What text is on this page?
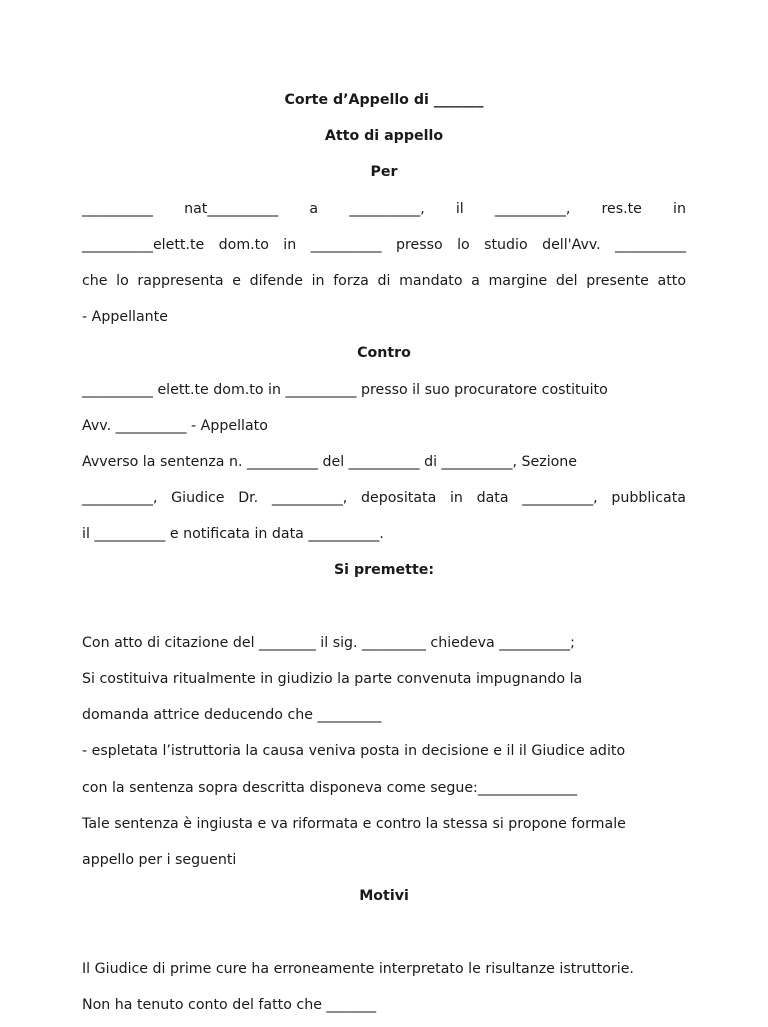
Corte d’Appello di _______
Atto di appello
Per
__________ nat__________ a __________, il __________, res.te in
__________elett.te dom.to in __________ presso lo studio dell'Avv. __________
che lo rappresenta e difende in forza di mandato a margine del presente atto
- Appellante
Contro
__________ elett.te dom.to in __________ presso il suo procuratore costituito
Avv. __________ - Appellato
Avverso la sentenza n. __________ del __________ di __________, Sezione
__________, Giudice Dr. __________, depositata in data __________, pubblicata
il __________ e notificata in data __________.
Si premette:
Con atto di citazione del ________ il sig. _________ chiedeva __________;
Si costituiva ritualmente in giudizio la parte convenuta impugnando la
domanda attrice deducendo che _________
- espletata l’istruttoria la causa veniva posta in decisione e il il Giudice adito
con la sentenza sopra descritta disponeva come segue:______________
Tale sentenza è ingiusta e va riformata e contro la stessa si propone formale
appello per i seguenti
Motivi
Il Giudice di prime cure ha erroneamente interpretato le risultanze istruttorie.
Non ha tenuto conto del fatto che _______
